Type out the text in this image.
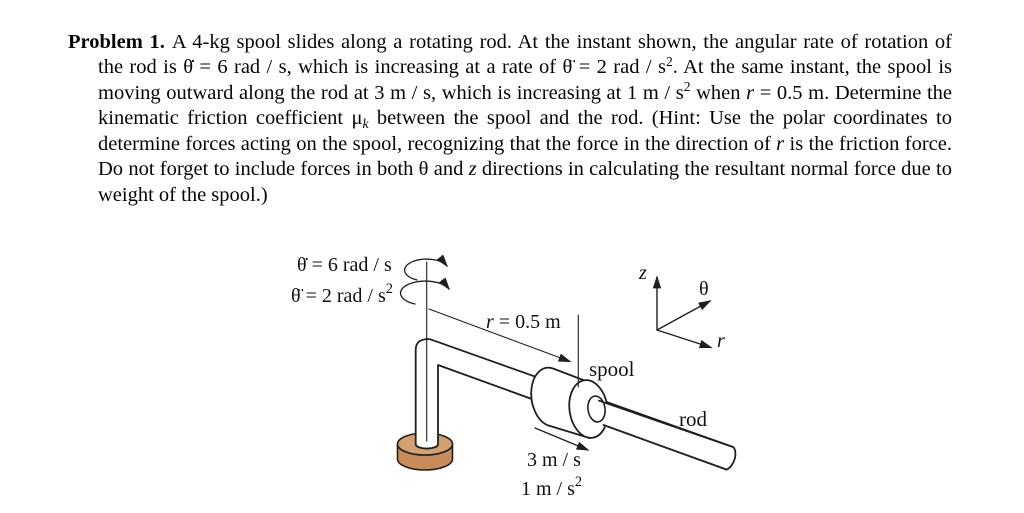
Problem 1. A 4-kg spool slides along a rotating rod. At the instant shown, the angular rate of rotation of the rod is θ̇ = 6 rad / s, which is increasing at a rate of θ̈ = 2 rad / $s^2$. At the same instant, the spool is moving outward along the rod at 3 m / s, which is increasing at 1 m / $s^2$ when r = 0.5 m. Determine the kinematic friction coefficient $\mu_k$ between the spool and the rod. (Hint: Use the polar coordinates to determine forces acting on the spool, recognizing that the force in the direction of r is the friction force. Do not forget to include forces in both θ and z directions in calculating the resultant normal force due to weight of the spool.)

θ̇ = 6 rad / s
θ̈ = 2 rad / $s^2$
r = 0.5 m
spool
rod
3 m / s
1 m / $s^2$
z
θ
r
